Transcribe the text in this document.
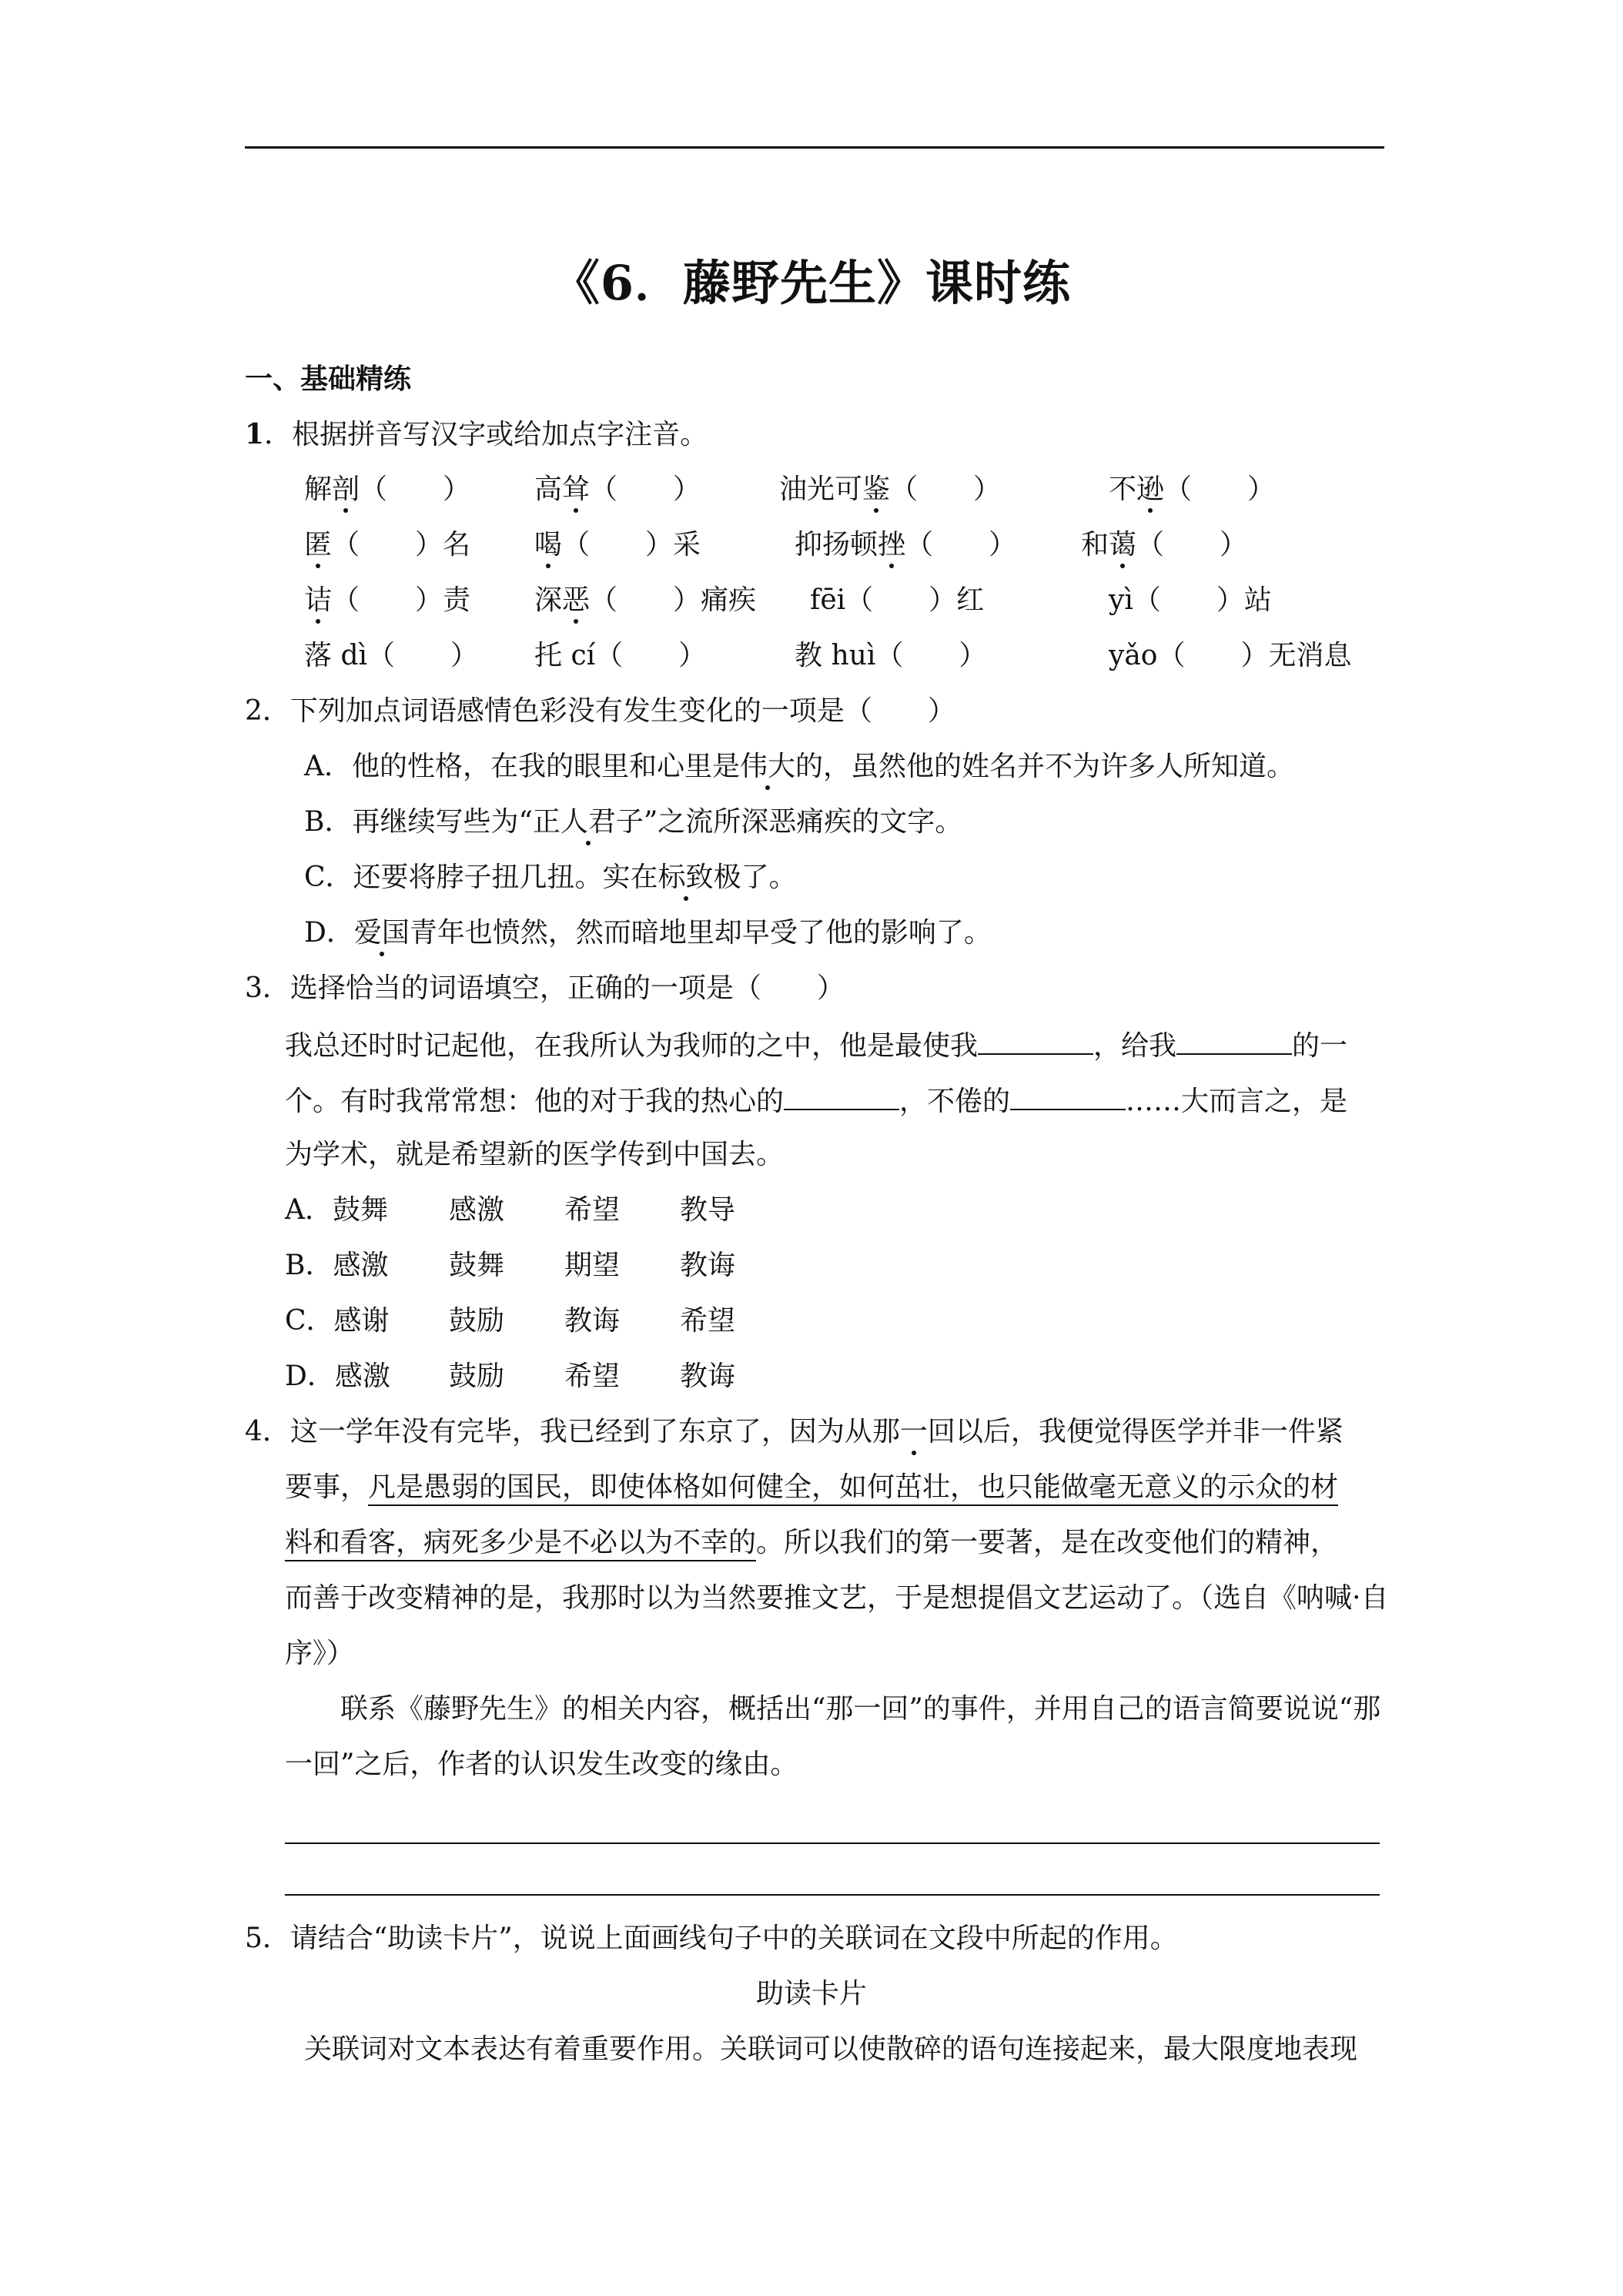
《6．藤野先生》课时练
一、基础精练
1．根据拼音写汉字或给加点字注音。
解剖（　　） 高耸（　　）	油光可鉴（　　）	不逊（　　）
匿（　　）名 喝（　　）采	抑扬顿挫（　　） 和蔼（　　）
诘（　　）责 深恶（　　）痛疾 fēi（　　）红	yì（　　）站
落 dì（　　） 托 cí（　　）	教 huì（　　）	yǎo（　　）无消息
2．下列加点词语感情色彩没有发生变化的一项是（　　）
A．他的性格，在我的眼里和心里是伟大的，虽然他的姓名并不为许多人所知道。
B．再继续写些为“正人君子”之流所深恶痛疾的文字。
C．还要将脖子扭几扭。实在标致极了。
D．爱国青年也愤然，然而暗地里却早受了他的影响了。
3．选择恰当的词语填空，正确的一项是（　　）
我总还时时记起他，在我所认为我师的之中，他是最使我	，给我	的一
个。有时我常常想：他的对于我的热心的	，不倦的	……大而言之，是
为学术，就是希望新的医学传到中国去。
A．鼓舞 感激 希望 教导
B．感激 鼓舞 期望 教诲
C．感谢 鼓励 教诲 希望
D．感激 鼓励 希望 教诲
4．这一学年没有完毕，我已经到了东京了，因为从那一回以后，我便觉得医学并非一件紧
要事，凡是愚弱的国民，即使体格如何健全，如何茁壮，也只能做毫无意义的示众的材
料和看客，病死多少是不必以为不幸的。所以我们的第一要著，是在改变他们的精神，
而善于改变精神的是，我那时以为当然要推文艺，于是想提倡文艺运动了。（选自《呐喊·自
序》）
联系《藤野先生》的相关内容，概括出“那一回”的事件，并用自己的语言简要说说“那
一回”之后，作者的认识发生改变的缘由。
5．请结合“助读卡片”，说说上面画线句子中的关联词在文段中所起的作用。
助读卡片
关联词对文本表达有着重要作用。关联词可以使散碎的语句连接起来，最大限度地表现
